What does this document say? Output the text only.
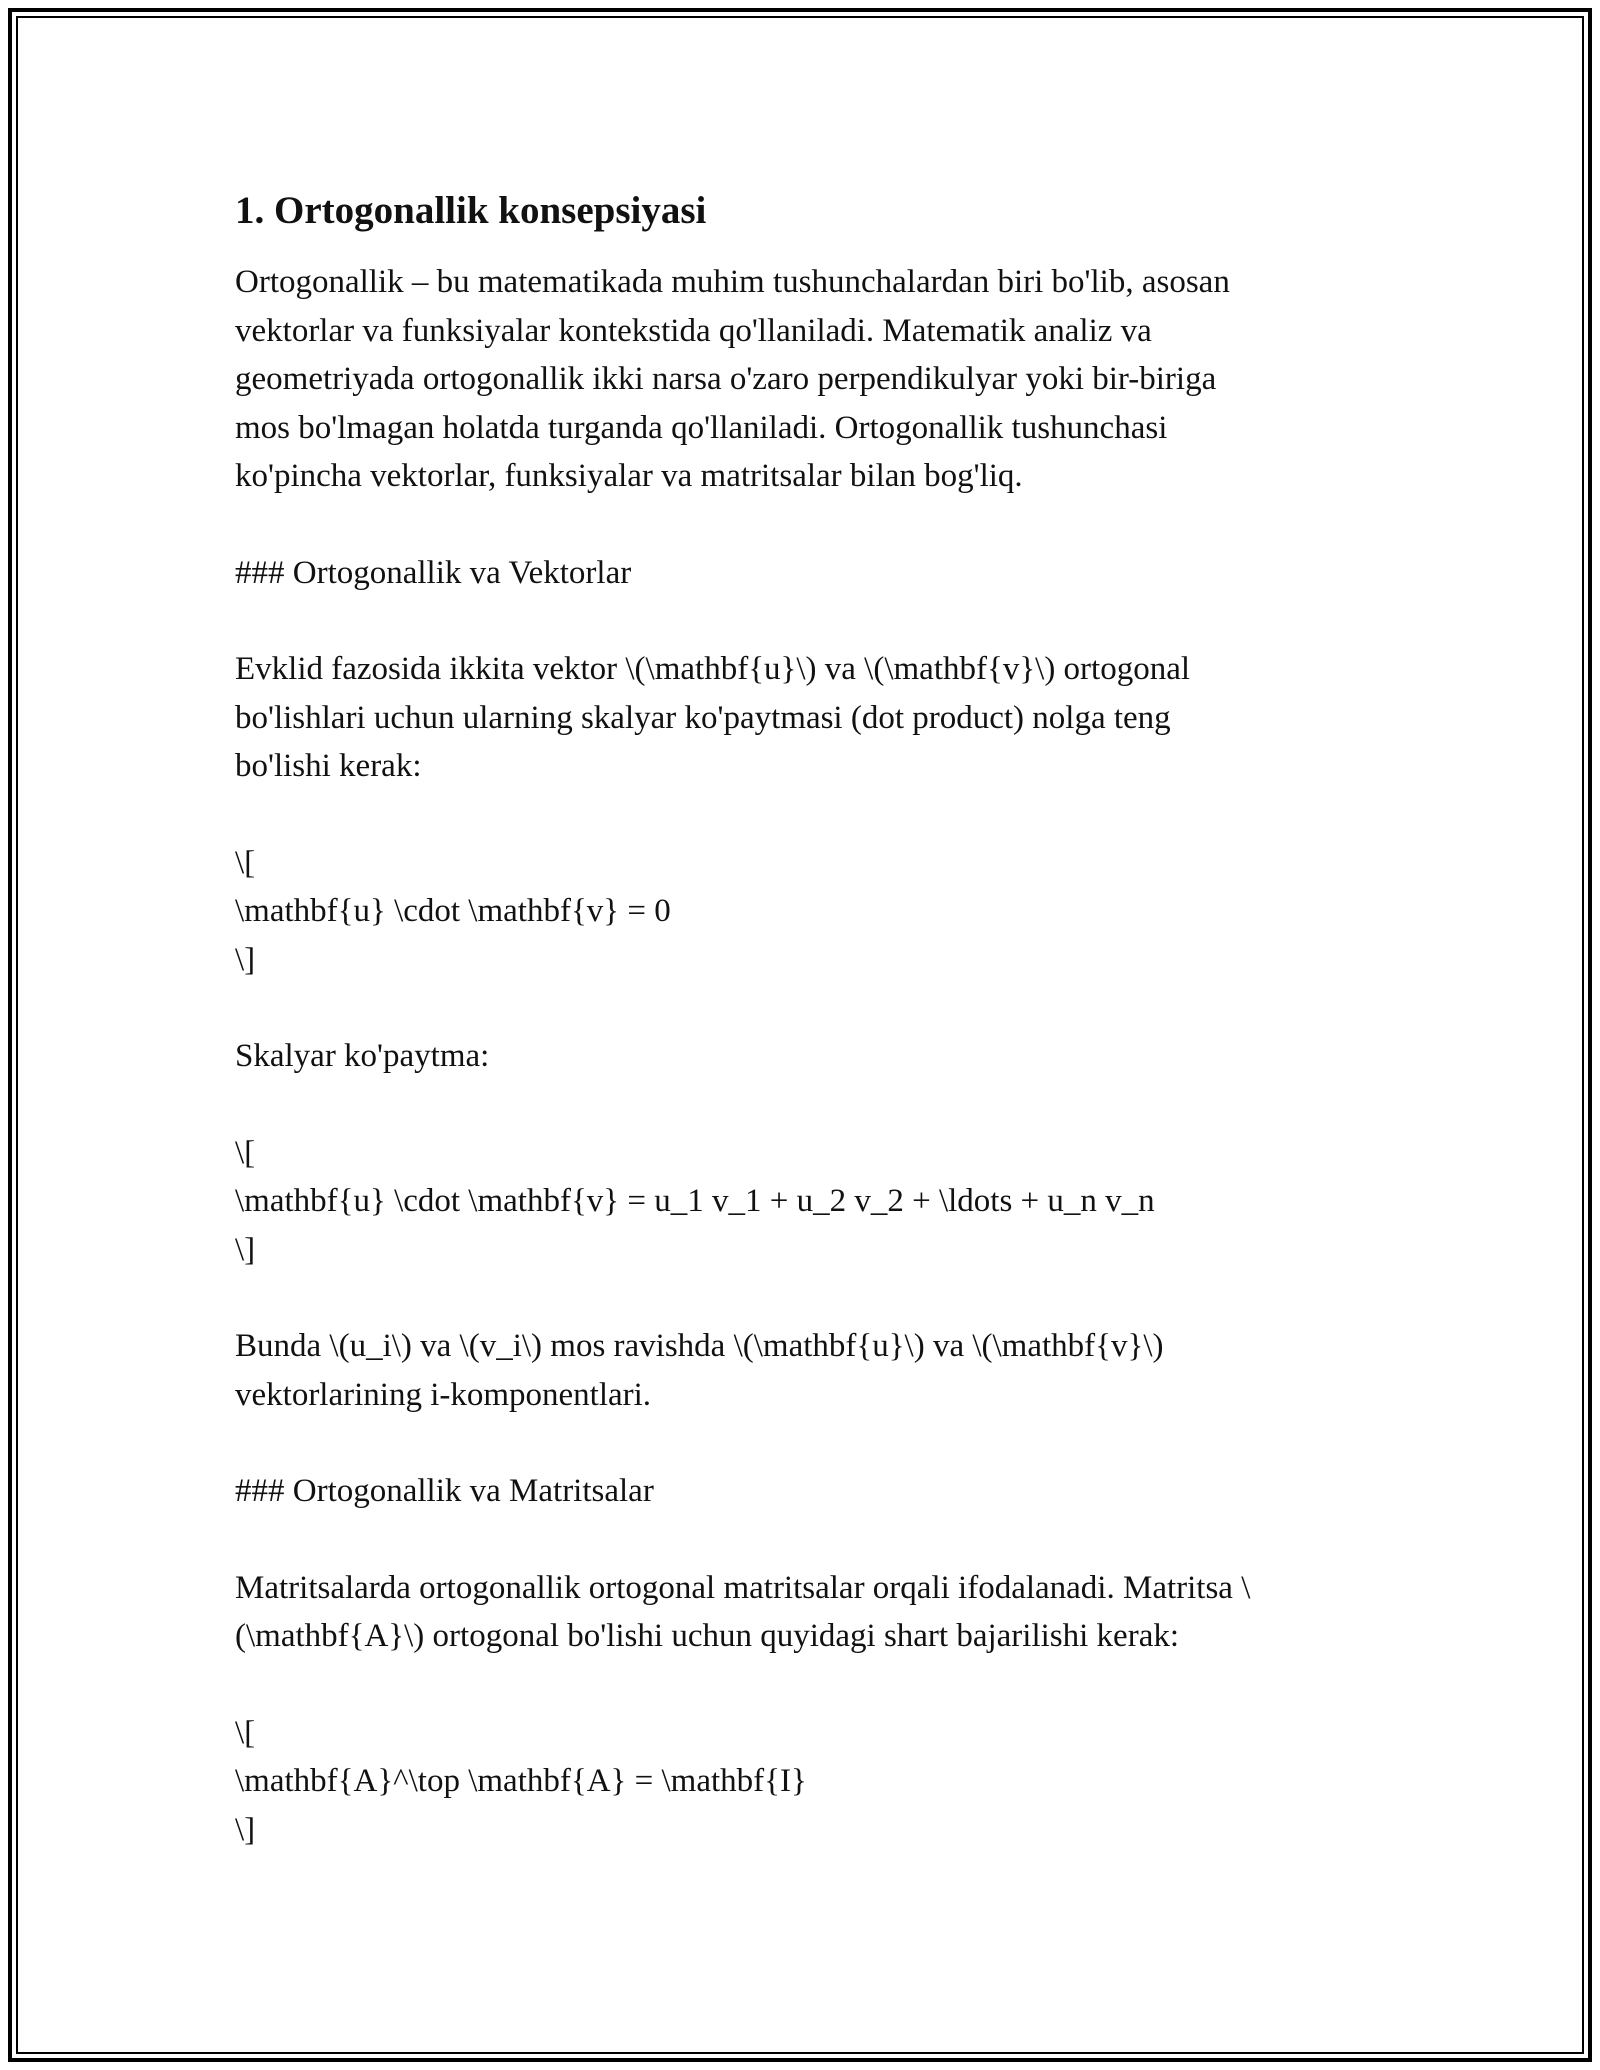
1. Ortogonallik konsepsiyasi

Ortogonallik – bu matematikada muhim tushunchalardan biri bo'lib, asosan
vektorlar va funksiyalar kontekstida qo'llaniladi. Matematik analiz va
geometriyada ortogonallik ikki narsa o'zaro perpendikulyar yoki bir-biriga
mos bo'lmagan holatda turganda qo'llaniladi. Ortogonallik tushunchasi
ko'pincha vektorlar, funksiyalar va matritsalar bilan bog'liq.

### Ortogonallik va Vektorlar

Evklid fazosida ikkita vektor \(\mathbf{u}\) va \(\mathbf{v}\) ortogonal
bo'lishlari uchun ularning skalyar ko'paytmasi (dot product) nolga teng
bo'lishi kerak:

\[
\mathbf{u} \cdot \mathbf{v} = 0
\]

Skalyar ko'paytma:

\[
\mathbf{u} \cdot \mathbf{v} = u_1 v_1 + u_2 v_2 + \ldots + u_n v_n
\]

Bunda \(u_i\) va \(v_i\) mos ravishda \(\mathbf{u}\) va \(\mathbf{v}\)
vektorlarining i-komponentlari.

### Ortogonallik va Matritsalar

Matritsalarda ortogonallik ortogonal matritsalar orqali ifodalanadi. Matritsa \
(\mathbf{A}\) ortogonal bo'lishi uchun quyidagi shart bajarilishi kerak:

\[
\mathbf{A}^\top \mathbf{A} = \mathbf{I}
\]
